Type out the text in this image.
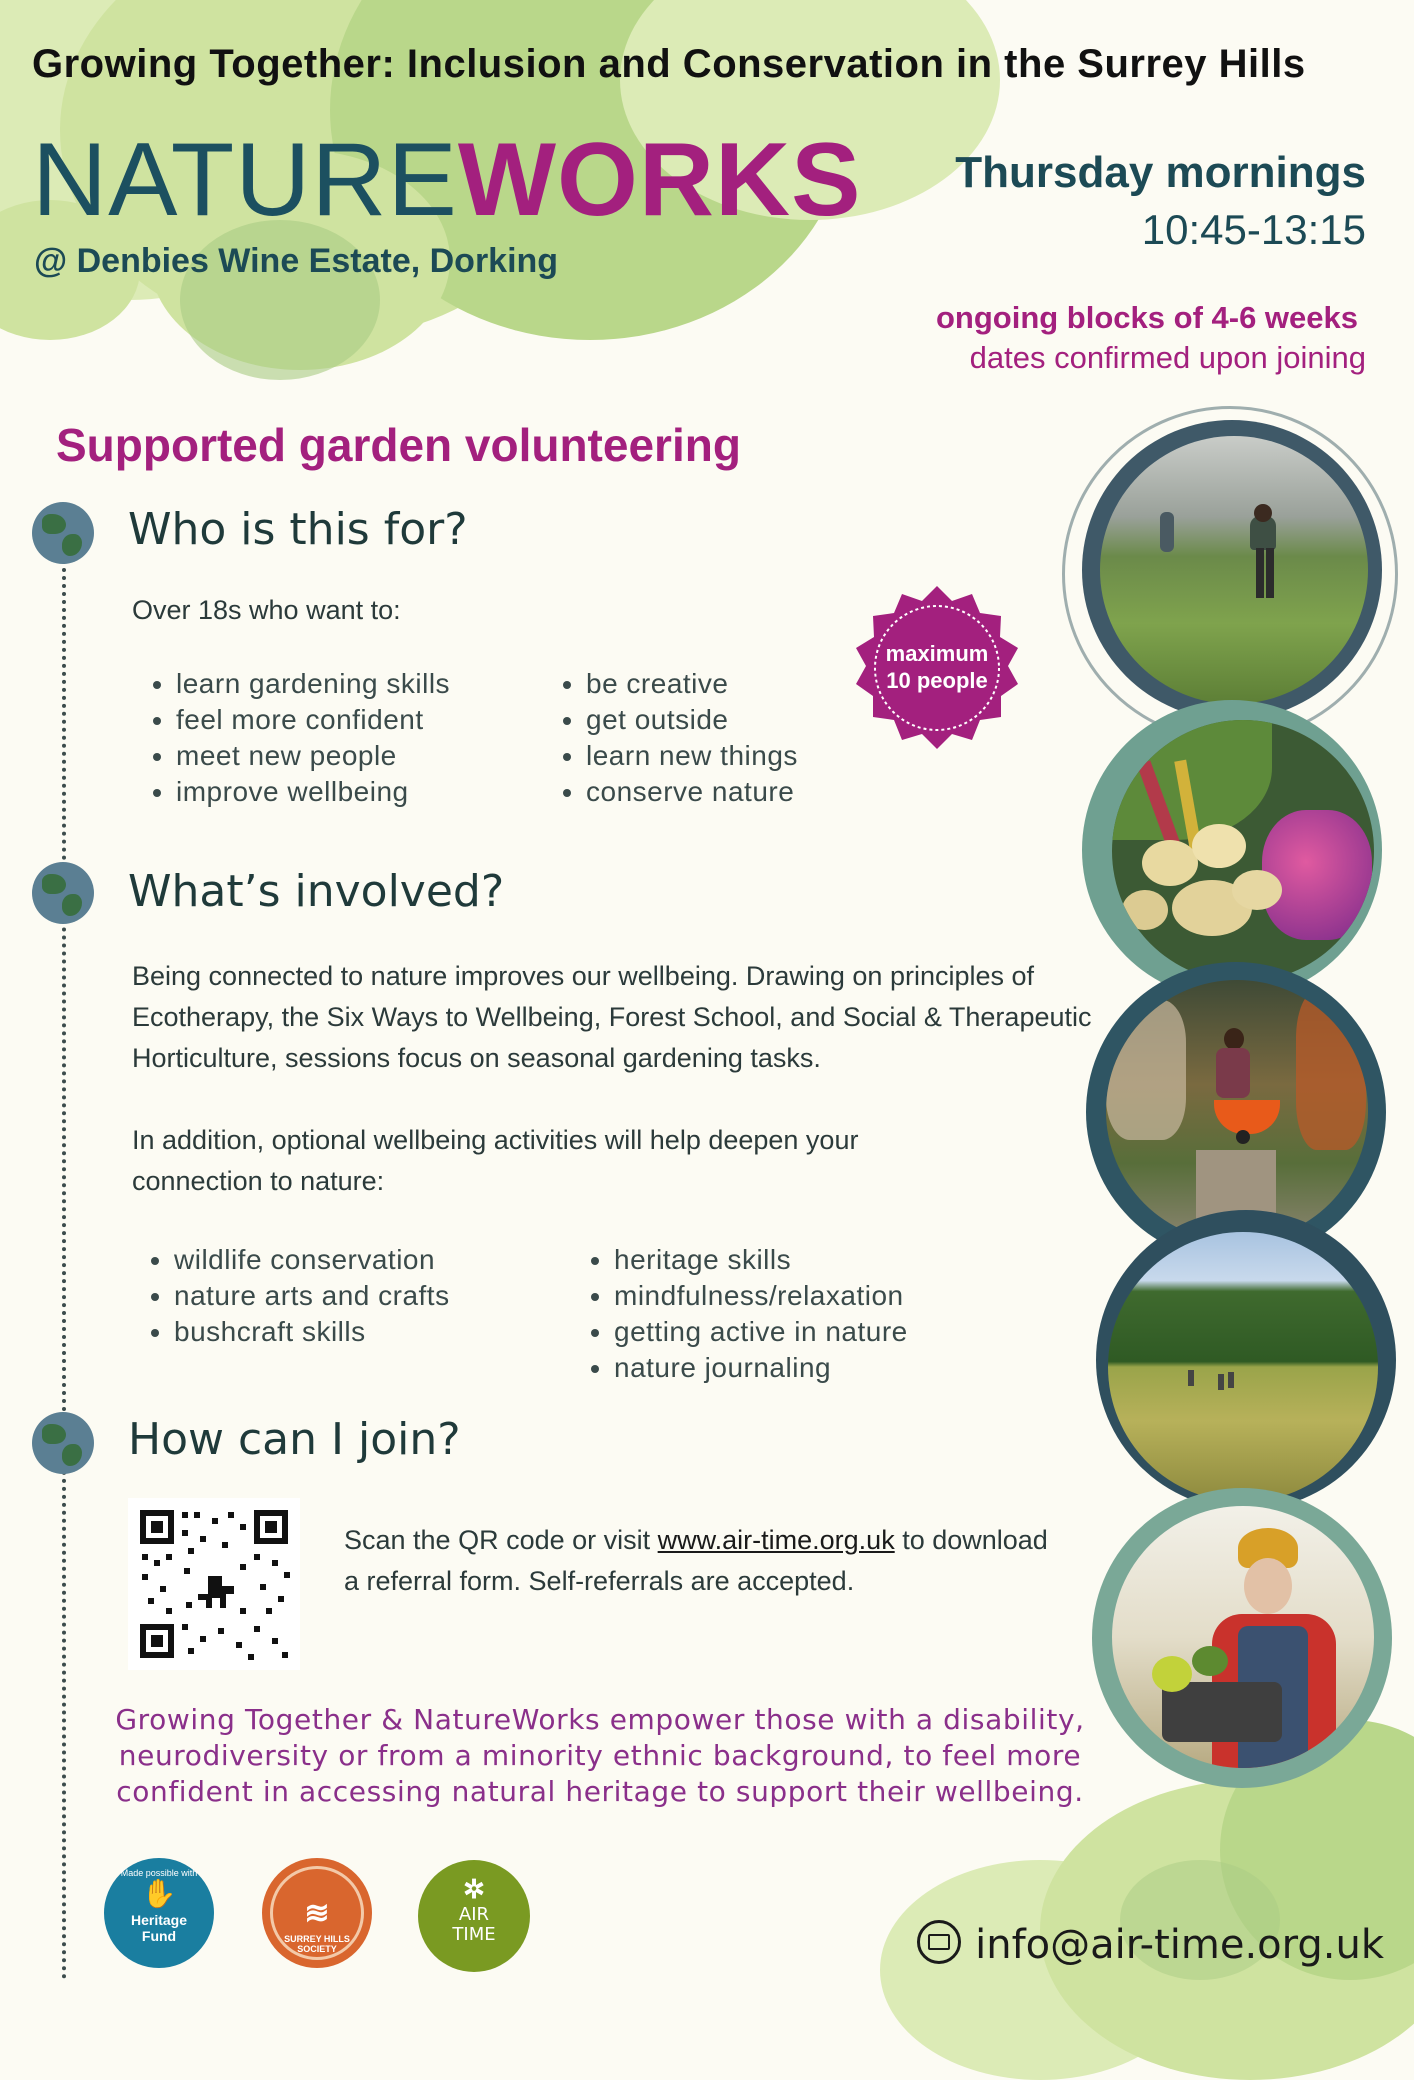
Growing Together: Inclusion and Conservation in the Surrey Hills
NATUREWORKS
@ Denbies Wine Estate, Dorking
Thursday mornings
10:45-13:15
ongoing blocks of 4-6 weeks
dates confirmed upon joining
Supported garden volunteering
Who is this for?
Over 18s who want to:
• learn gardening skills
• feel more confident
• meet new people
• improve wellbeing
• be creative
• get outside
• learn new things
• conserve nature
maximum
10 people
What’s involved?
Being connected to nature improves our wellbeing. Drawing on principles of Ecotherapy, the Six Ways to Wellbeing, Forest School, and Social & Therapeutic Horticulture, sessions focus on seasonal gardening tasks.
In addition, optional wellbeing activities will help deepen your connection to nature:
• wildlife conservation
• nature arts and crafts
• bushcraft skills
• heritage skills
• mindfulness/relaxation
• getting active in nature
• nature journaling
How can I join?
Scan the QR code or visit www.air-time.org.uk to download a referral form. Self-referrals are accepted.
Growing Together & NatureWorks empower those with a disability, neurodiversity or from a minority ethnic background, to feel more confident in accessing natural heritage to support their wellbeing.
Made possible with
✋
Heritage Fund
≋
SURREY HILLS SOCIETY
✲
AIR TIME	info@air-time.org.uk
